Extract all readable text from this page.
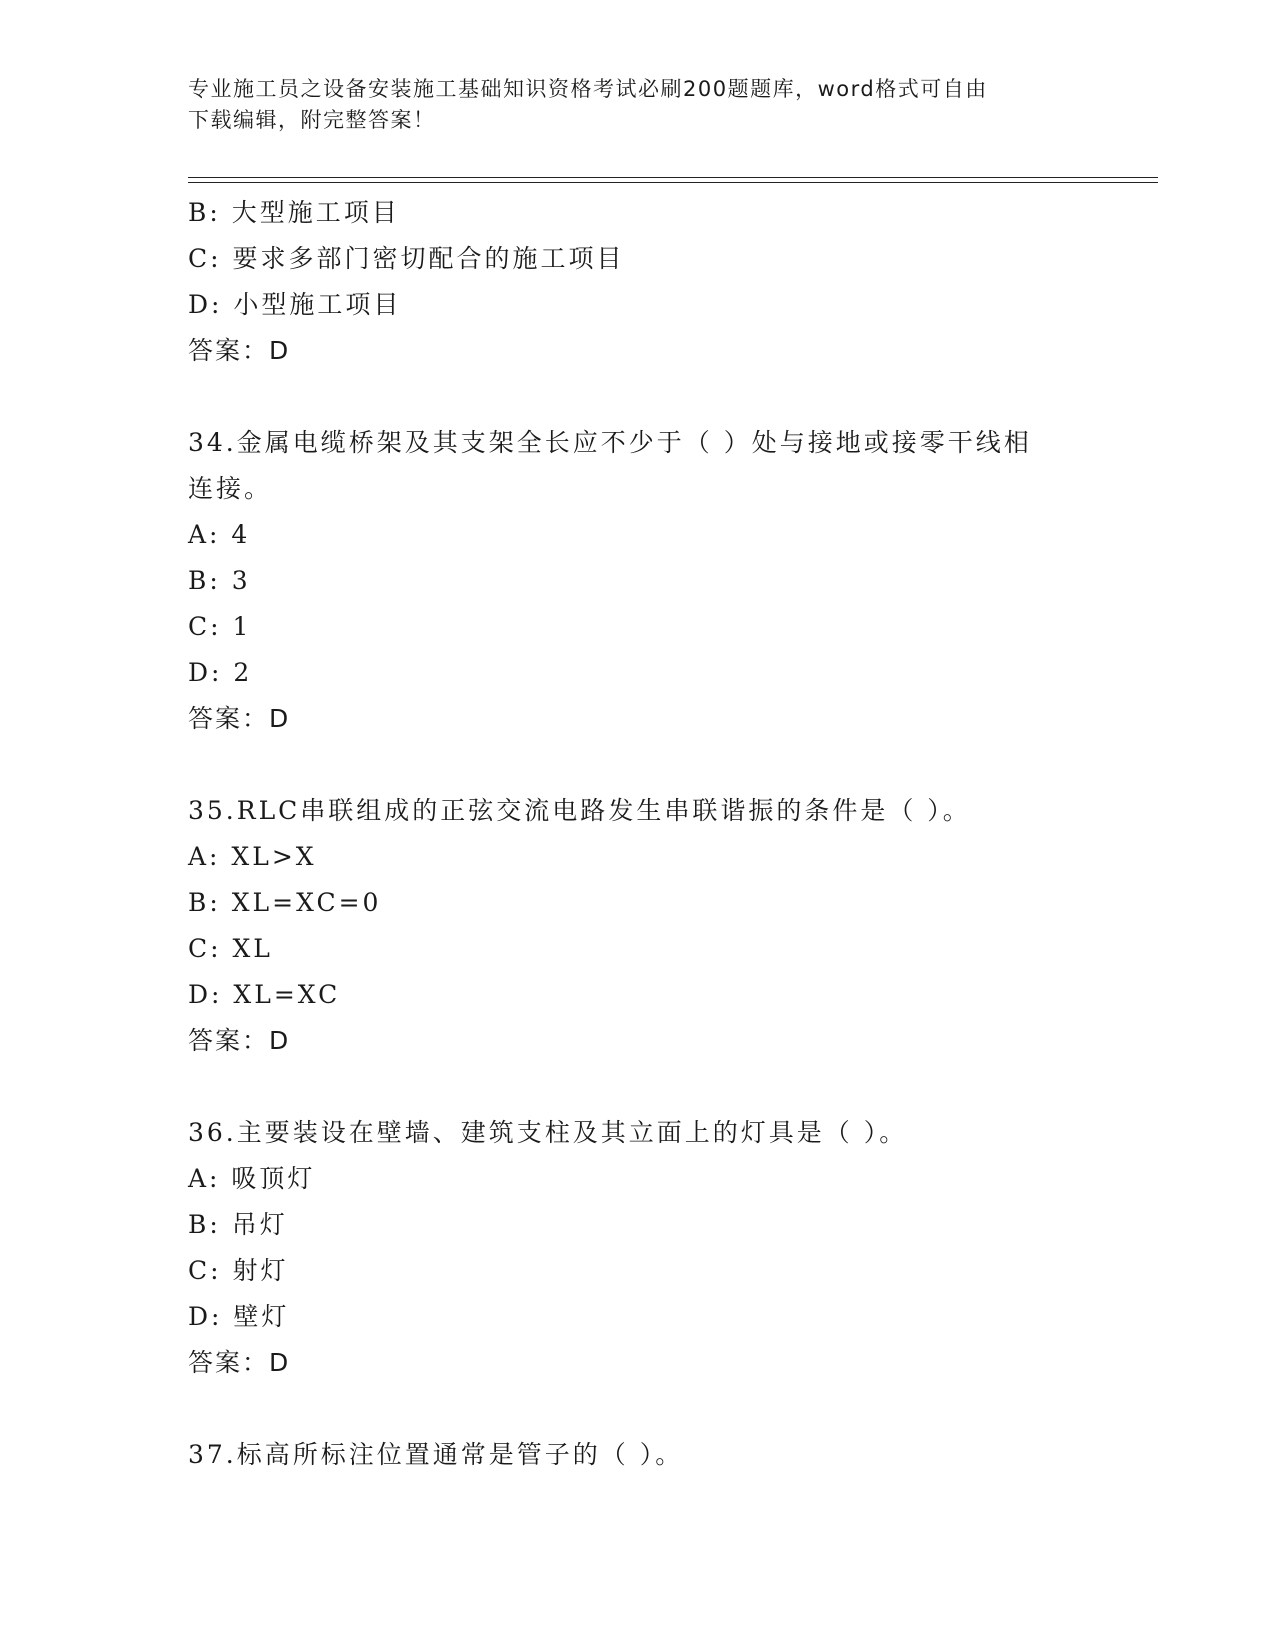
专业施工员之设备安装施工基础知识资格考试必刷200题题库，word格式可自由
下载编辑，附完整答案！
B: 大型施工项目
C: 要求多部门密切配合的施工项目
D: 小型施工项目
答案：D
34.金属电缆桥架及其支架全长应不少于（ ）处与接地或接零干线相
连接。
A: 4
B: 3
C: 1
D: 2
答案：D
35.RLC串联组成的正弦交流电路发生串联谐振的条件是（ ）。
A: XL>X
B: XL=XC=0
C: XL
D: XL=XC
答案：D
36.主要装设在壁墙、建筑支柱及其立面上的灯具是（ ）。
A: 吸顶灯
B: 吊灯
C: 射灯
D: 壁灯
答案：D
37.标高所标注位置通常是管子的（ ）。
